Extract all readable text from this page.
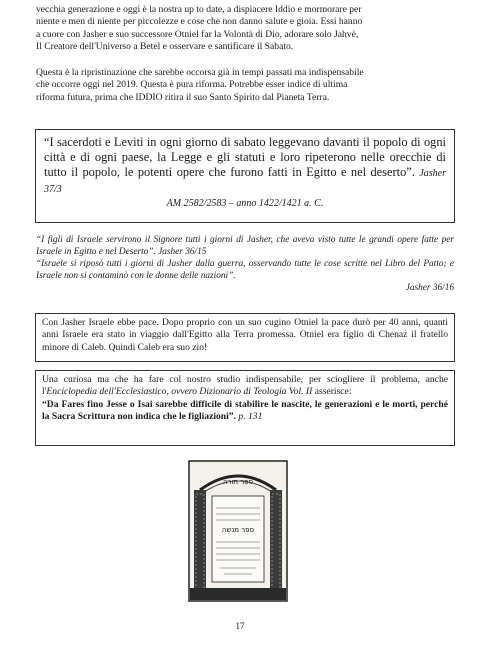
vecchia generazione e oggi è la nostra up to date, a dispiacere Iddio e mormorare per
niente e men di niente per piccolezze e cose che non danno salute e gioia. Essi hanno
a cuore con Jasher e suo successore Otniel far la Volontà di Dio, adorare solo Jahvè,
Il Creatore dell'Universo a Betel e osservare e santificare il Sabato.
Questa è la ripristinazione che sarebbe occorsa già in tempi passati ma indispensabile
che occorre oggi nel 2019. Questa è pura riforma. Potrebbe esser indice di ultima
riforma futura, prima che IDDIO ritira il suo Santo Spirito dal Pianeta Terra.

“I sacerdoti e Leviti in ogni giorno di sabato leggevano davanti il popolo di ogni città e di ogni paese, la Legge e gli statuti e loro ripeterono nelle orecchie di tutto il popolo, le potenti opere che furono fatti in Egitto e nel deserto”. Jasher 37/3

AM 2582/2583 – anno 1422/1421 a. C.
“I figli di Israele servirono il Signore tutti i giorni di Jasher, che aveva visto tutte le grandi opere fatte per Israele in Egitto e nel Deserto”. Jasher 36/15
“Israele si riposò tutti i giorni di Jasher dalla guerra, osservando tutte le cose scritte nel Libro del Patto; e Israele non si contaminò con le donne delle nazioni”.
Jasher 36/16
Con Jasher Israele ebbe pace. Dopo proprio con un suo cugino Otniel la pace durò per 40 anni, quanti anni Israele era stato in viaggio dall'Egitto alla Terra promessa. Otniel era figlio di Chenaz il fratello minore di Caleb. Quindi Caleb era suo zio!
Una curiosa ma che ha fare col nostro studio indispensabile, per sciogliere il problema, anche l'Enciclopedia dell'Ecclesiastico, ovvero Dizionario di Teologia Vol. II asserisce:
“Da Fares fino Jesse o Isai sarebbe difficile di stabilire le nascite, le generazioni e le morti, perché la Sacra Scrittura non indica che le figliazioni”. p. 131
ספר תורה
ספר מנשה
17
